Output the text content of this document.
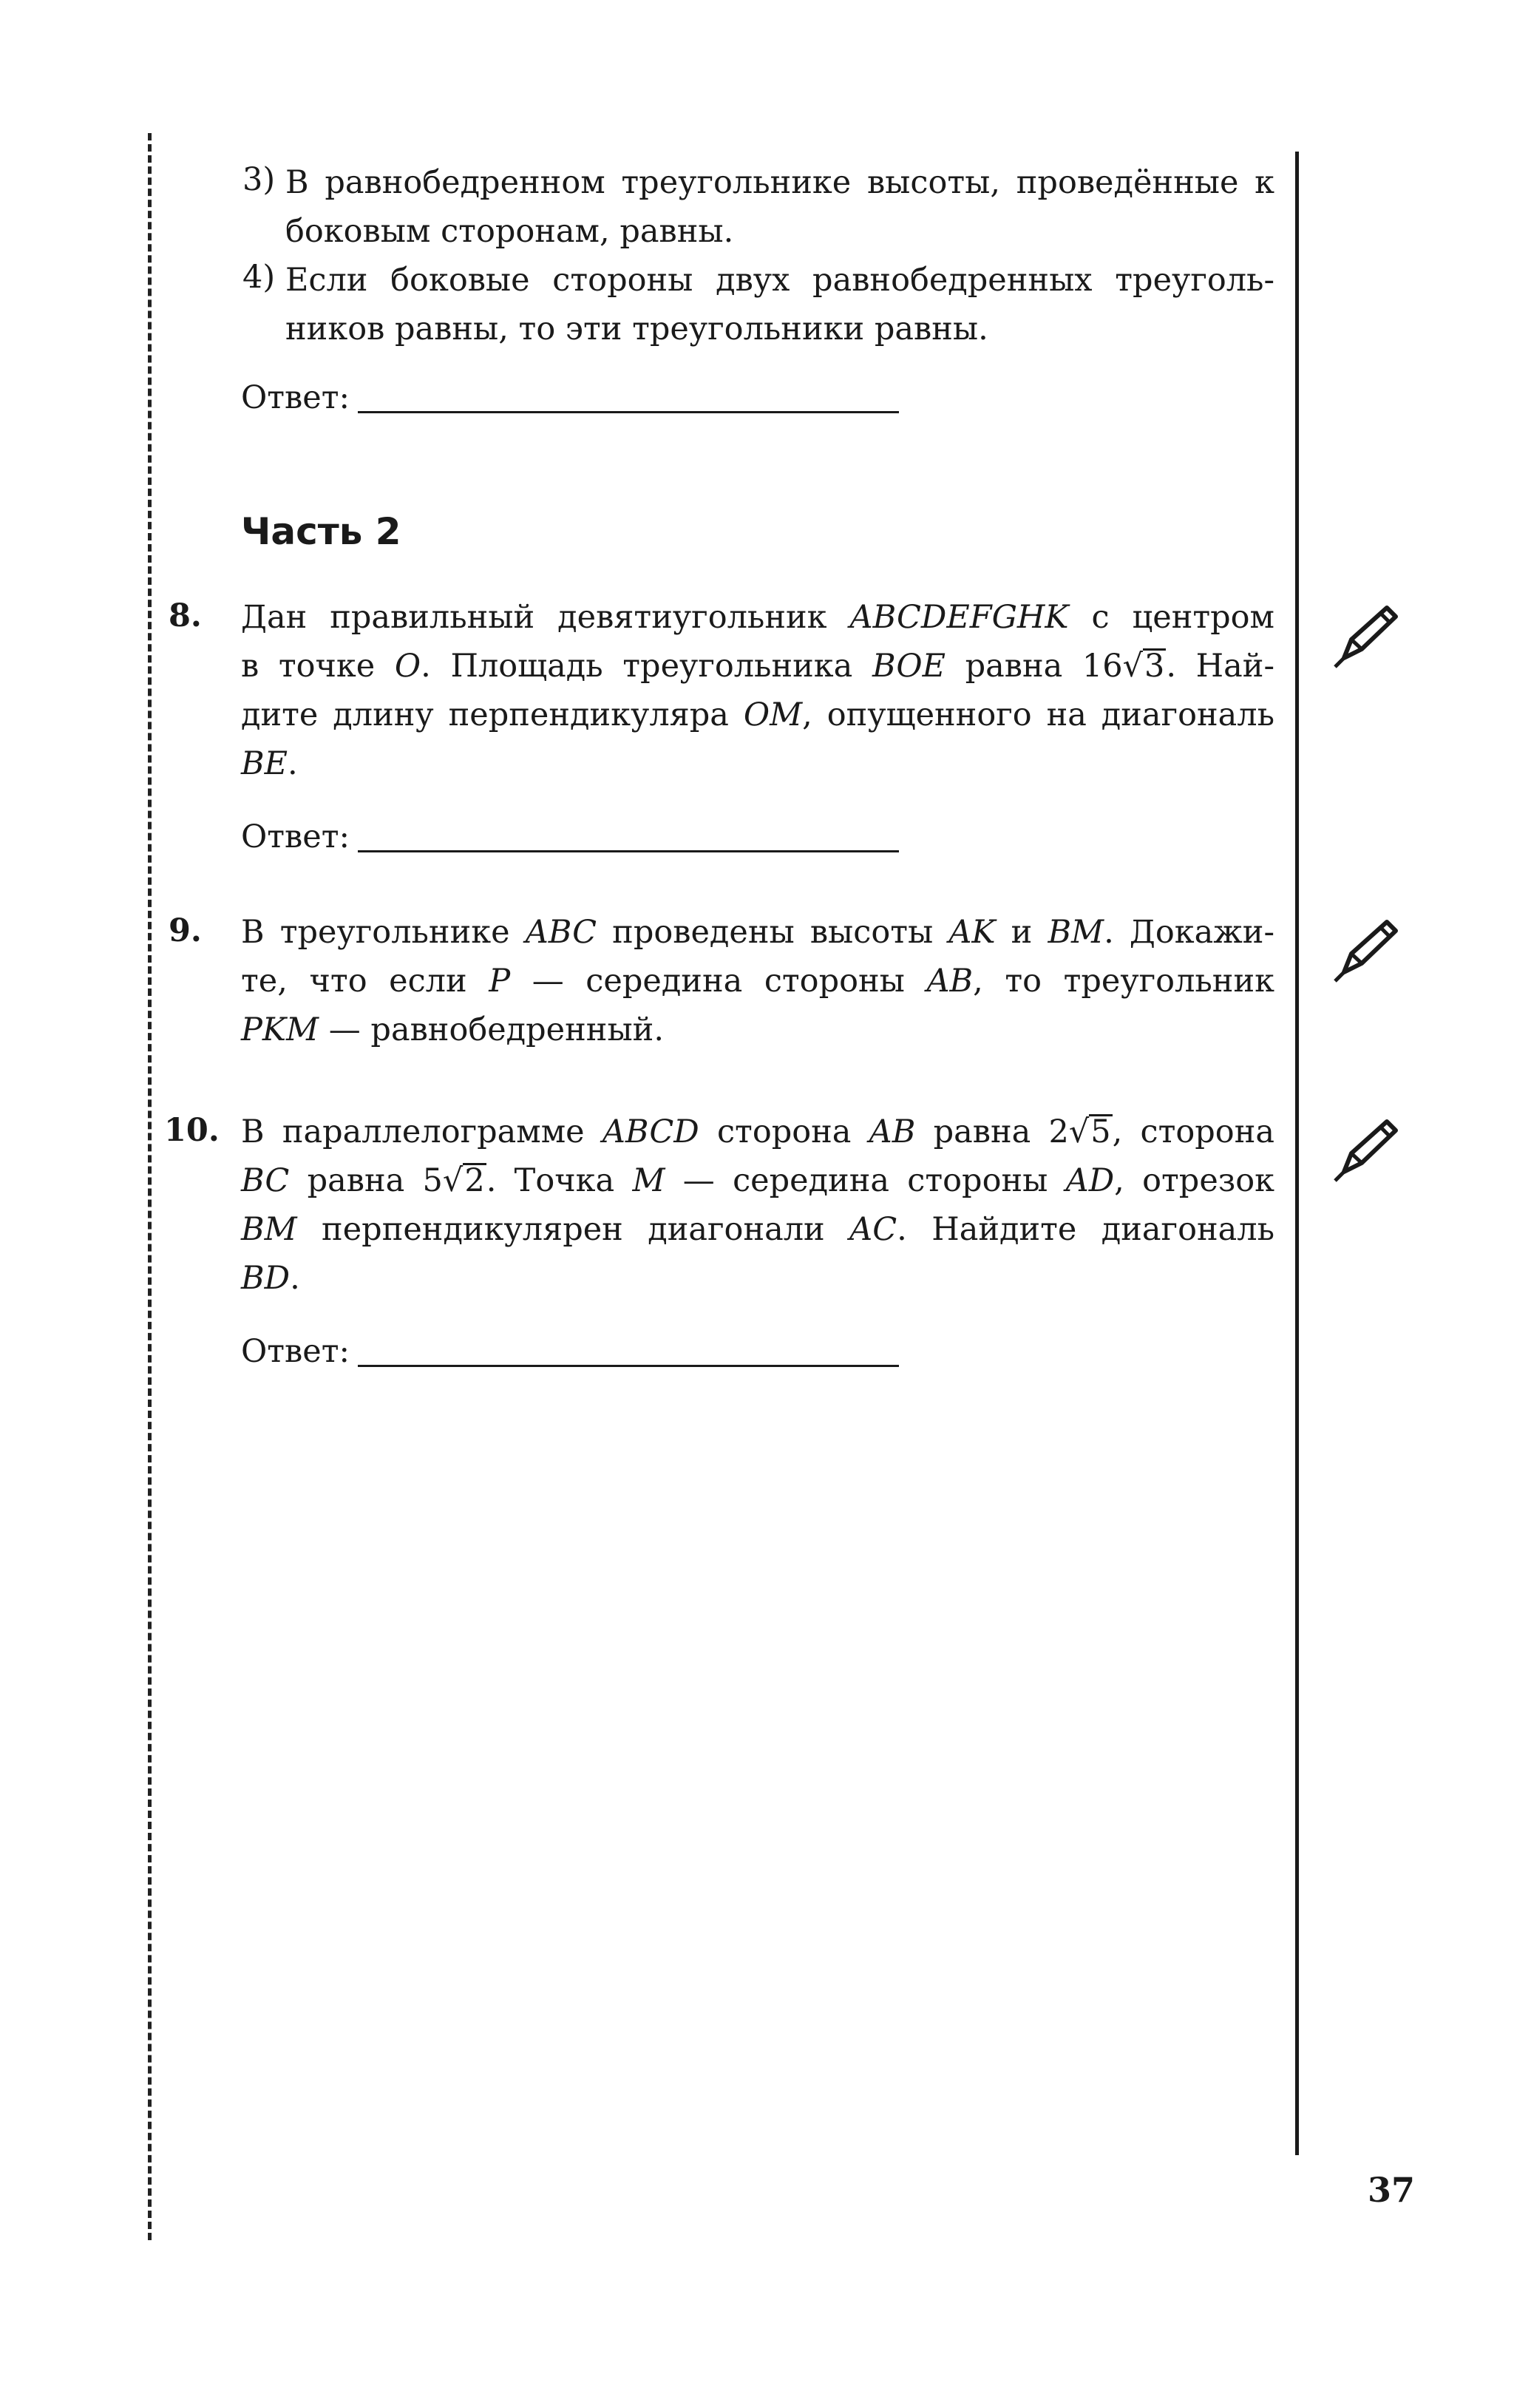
3) В равнобедренном треугольнике высоты, проведённые к
боковым сторонам, равны.
4) Если боковые стороны двух равнобедренных треуголь-
ников равны, то эти треугольники равны.
Ответ:
Часть 2
8. Дан правильный девятиугольник ABCDEFGHK с центром
в точке O. Площадь треугольника BOE равна 16√3. Най-
дите длину перпендикуляра OM, опущенного на диагональ
BE.
Ответ:
9. В треугольнике ABC проведены высоты AK и BM. Докажи-
те, что если P — середина стороны AB, то треугольник
PKM — равнобедренный.
10. В параллелограмме ABCD сторона AB равна 2√5, сторона
BC равна 5√2. Точка M — середина стороны AD, отрезок
BM перпендикулярен диагонали AC. Найдите диагональ
BD.
Ответ:
37
